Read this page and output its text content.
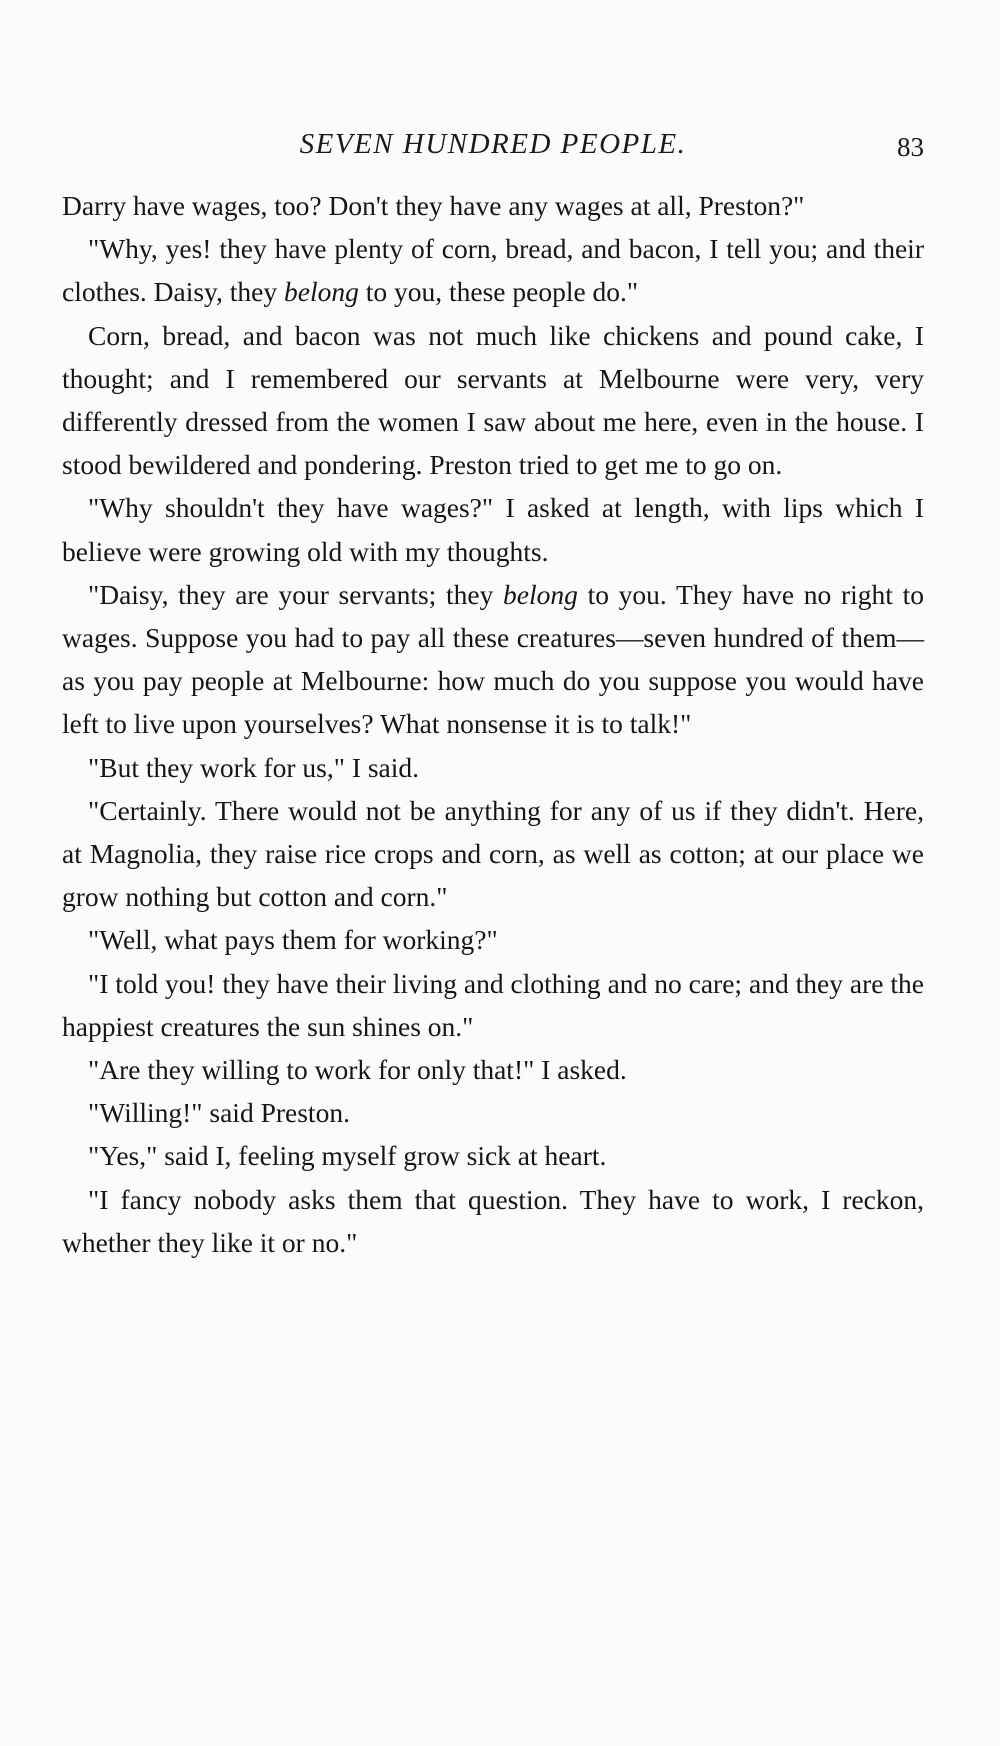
SEVEN HUNDRED PEOPLE.	83

Darry have wages, too? Don't they have any wages at all, Preston?"

"Why, yes! they have plenty of corn, bread, and bacon, I tell you; and their clothes. Daisy, they belong to you, these people do."

Corn, bread, and bacon was not much like chickens and pound cake, I thought; and I remembered our servants at Melbourne were very, very differently dressed from the women I saw about me here, even in the house. I stood bewildered and pondering. Preston tried to get me to go on.

"Why shouldn't they have wages?" I asked at length, with lips which I believe were growing old with my thoughts.

"Daisy, they are your servants; they belong to you. They have no right to wages. Suppose you had to pay all these creatures—seven hundred of them—as you pay people at Melbourne: how much do you suppose you would have left to live upon yourselves? What nonsense it is to talk!"

"But they work for us," I said.

"Certainly. There would not be anything for any of us if they didn't. Here, at Magnolia, they raise rice crops and corn, as well as cotton; at our place we grow nothing but cotton and corn."

"Well, what pays them for working?"

"I told you! they have their living and clothing and no care; and they are the happiest creatures the sun shines on."

"Are they willing to work for only that!" I asked.

"Willing!" said Preston.

"Yes," said I, feeling myself grow sick at heart.

"I fancy nobody asks them that question. They have to work, I reckon, whether they like it or no."
